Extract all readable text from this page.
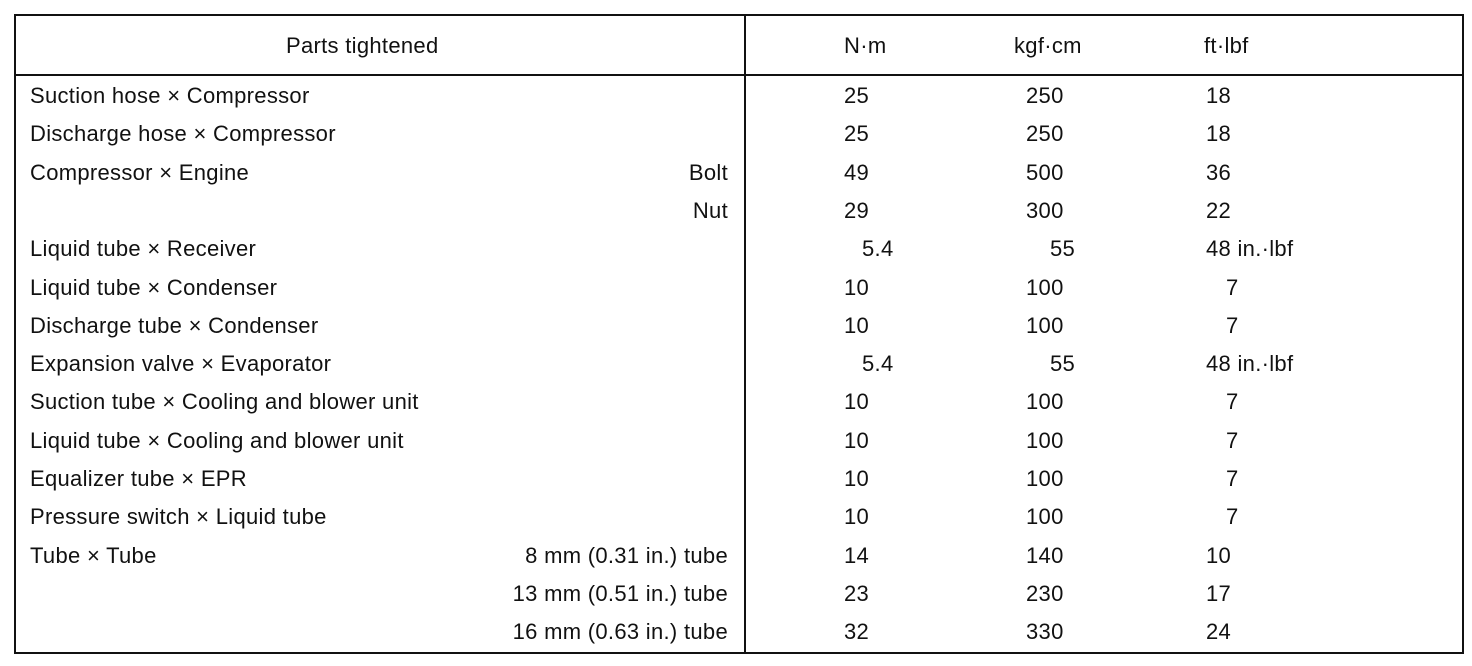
Parts tightened	N·m	kgf·cm	ft·lbf
Suction hose × Compressor	25	250	18
Discharge hose × Compressor	25	250	18
Compressor × Engine	Bolt	49	500	36
Nut	29	300	22
Liquid tube × Receiver	5.4	55	48 in.·lbf
Liquid tube × Condenser	10	100	7
Discharge tube × Condenser	10	100	7
Expansion valve × Evaporator	5.4	55	48 in.·lbf
Suction tube × Cooling and blower unit	10	100	7
Liquid tube × Cooling and blower unit	10	100	7
Equalizer tube × EPR	10	100	7
Pressure switch × Liquid tube	10	100	7
Tube × Tube	8 mm (0.31 in.) tube	14	140	10
13 mm (0.51 in.) tube	23	230	17
16 mm (0.63 in.) tube	32	330	24
